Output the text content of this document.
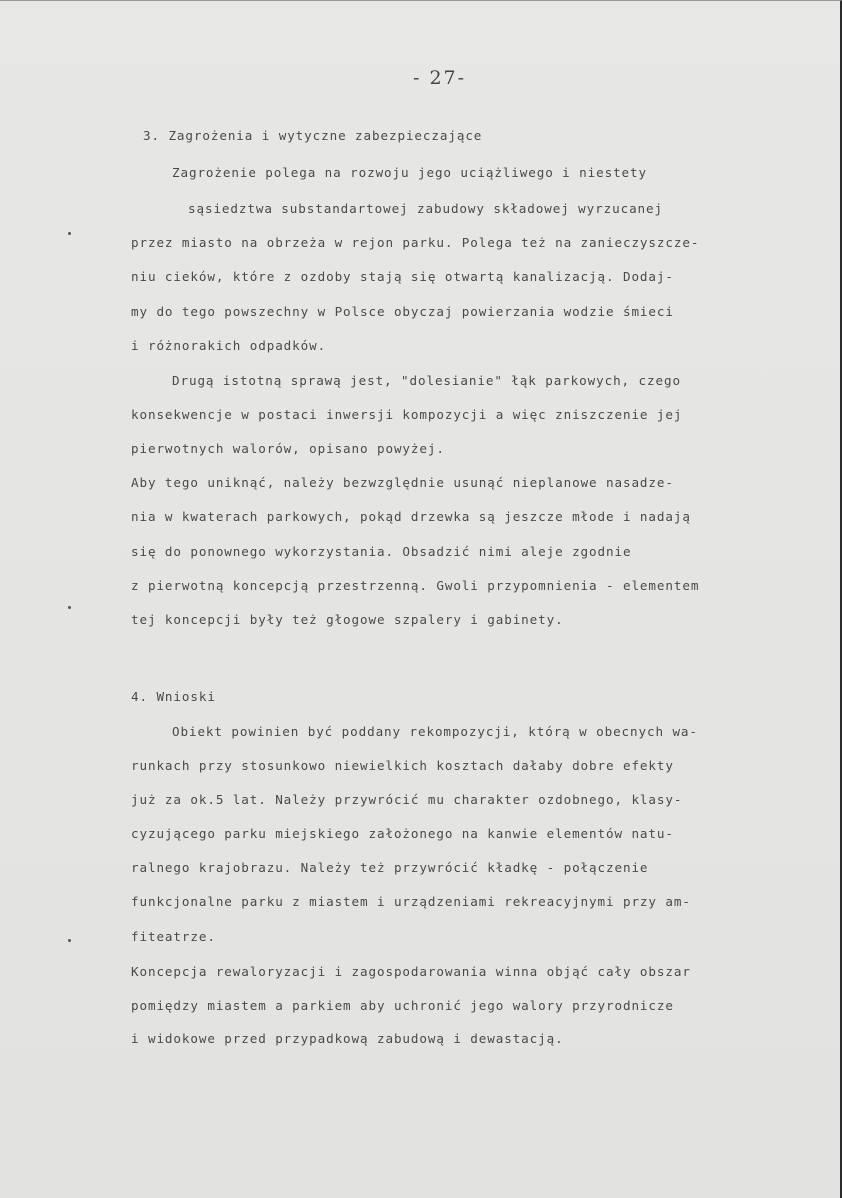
- 27-

3. Zagrożenia i wytyczne zabezpieczające

Zagrożenie polega na rozwoju jego uciążliwego i niestety

sąsiedztwa substandartowej zabudowy składowej wyrzucanej

przez miasto na obrzeża w rejon parku. Polega też na zanieczyszcze-

niu cieków, które z ozdoby stają się otwartą kanalizacją. Dodaj-

my do tego powszechny w Polsce obyczaj powierzania wodzie śmieci

i różnorakich odpadków.

Drugą istotną sprawą jest, "dolesianie" łąk parkowych, czego

konsekwencje w postaci inwersji kompozycji a więc zniszczenie jej

pierwotnych walorów, opisano powyżej.

Aby tego uniknąć, należy bezwzględnie usunąć nieplanowe nasadze-

nia w kwaterach parkowych, pokąd drzewka są jeszcze młode i nadają

się do ponownego wykorzystania. Obsadzić nimi aleje zgodnie

z pierwotną koncepcją przestrzenną. Gwoli przypomnienia - elementem

tej koncepcji były też głogowe szpalery i gabinety.

4. Wnioski

Obiekt powinien być poddany rekompozycji, którą w obecnych wa-

runkach przy stosunkowo niewielkich kosztach dałaby dobre efekty

już za ok.5 lat. Należy przywrócić mu charakter ozdobnego, klasy-

cyzującego parku miejskiego założonego na kanwie elementów natu-

ralnego krajobrazu. Należy też przywrócić kładkę - połączenie

funkcjonalne parku z miastem i urządzeniami rekreacyjnymi przy am-

fiteatrze.

Koncepcja rewaloryzacji i zagospodarowania winna objąć cały obszar

pomiędzy miastem a parkiem aby uchronić jego walory przyrodnicze

i widokowe przed przypadkową zabudową i dewastacją.
